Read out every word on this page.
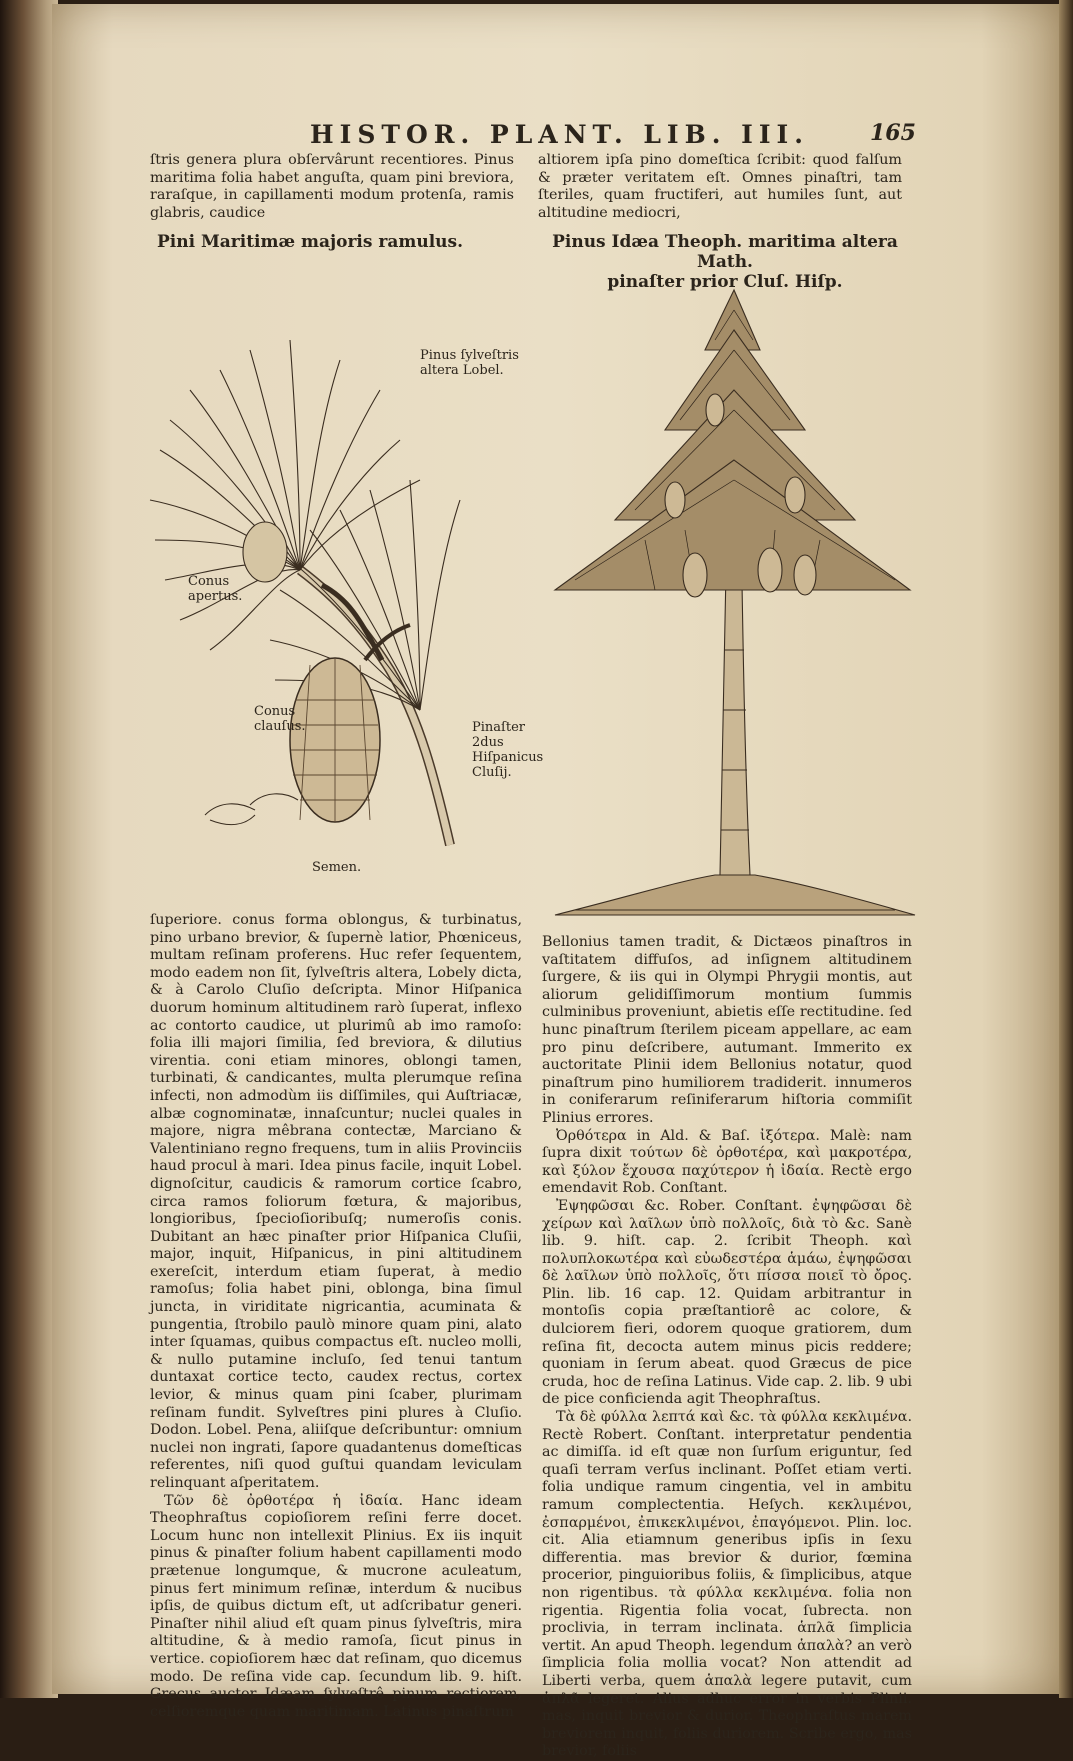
HISTOR. PLANT. LIB. III.	165

ſtris genera plura obſervârunt recentiores. Pinus maritima folia habet anguſta, quam pini breviora, raraſque, in capillamenti modum protenſa, ramis glabris, caudice

altiorem ipſa pino domeſtica ſcribit: quod falſum & præter veritatem eſt. Omnes pinaſtri, tam ſteriles, quam fructiferi, aut humiles ſunt, aut altitudine mediocri,

Pini Maritimæ majoris ramulus.	Pinus Idæa Theoph. maritima altera Math.
pinaſter prior Cluſ. Hiſp.
Pinus ſylveſtris altera Lobel.
Conus apertus.
Conus clauſus.	Pinaſter 2dus Hiſpanicus Cluſij.
Semen.

ſuperiore. conus forma oblongus, & turbinatus, pino urbano brevior, & ſupernè latior, Phœniceus, multam reſinam proferens. Huc refer ſequentem, modo eadem non ſit, ſylveſtris altera, Lobely dicta, & à Carolo Cluſio deſcripta. Minor Hiſpanica duorum hominum altitudinem rarò ſuperat, inflexo ac contorto caudice, ut plurimû ab imo ramoſo: folia illi majori ſimilia, ſed breviora, & dilutius virentia. coni etiam minores, oblongi tamen, turbinati, & candicantes, multa plerumque reſina infecti, non admodùm iis diſſimiles, qui Auſtriacæ, albæ cognominatæ, innaſcuntur; nuclei quales in majore, nigra mêbrana contectæ, Marciano & Valentiniano regno frequens, tum in aliis Provinciis haud procul à mari. Idea pinus facile, inquit Lobel. dignoſcitur, caudicis & ramorum cortice ſcabro, circa ramos foliorum fœtura, & majoribus, longioribus, ſpecioſioribuſq; numeroſis conis. Dubitant an hæc pinaſter prior Hiſpanica Cluſii, major, inquit, Hiſpanicus, in pini altitudinem exereſcit, interdum etiam ſuperat, à medio ramoſus; folia habet pini, oblonga, bina ſimul juncta, in viriditate nigricantia, acuminata & pungentia, ſtrobilo paulò minore quam pini, alato inter ſquamas, quibus compactus eſt. nucleo molli, & nullo putamine incluſo, ſed tenui tantum duntaxat cortice tecto, caudex rectus, cortex levior, & minus quam pini ſcaber, plurimam reſinam fundit. Sylveſtres pini plures à Cluſio. Dodon. Lobel. Pena, aliiſque deſcribuntur: omnium nuclei non ingrati, ſapore quadantenus domeſticas referentes, niſi quod guſtui quandam leviculam relinquant aſperitatem.

Τῶν δὲ ὀρθοτέρα ἡ ἰδαία. Hanc ideam Theophraſtus copioſiorem reſini ferre docet. Locum hunc non intellexit Plinius. Ex iis inquit pinus & pinaſter folium habent capillamenti modo prætenue longumque, & mucrone aculeatum, pinus fert minimum reſinæ, interdum & nucibus ipſis, de quibus dictum eſt, ut adſcribatur generi. Pinaſter nihil aliud eſt quam pinus ſylveſtris, mira altitudine, & à medio ramoſa, ſicut pinus in vertice. copioſiorem hæc dat reſinam, quo dicemus modo. De reſina vide cap. ſecundum lib. 9. hiſt. Grecus auctor Idæam ſylveſtrê pinum rectiorem, celſioremque quam maritimam. Latinus pinaſtrum

Bellonius tamen tradit, & Dictæos pinaſtros in vaſtitatem diffuſos, ad inſignem altitudinem ſurgere, & iis qui in Olympi Phrygii montis, aut aliorum gelidiſſimorum montium ſummis culminibus proveniunt, abietis eſſe rectitudine. ſed hunc pinaſtrum ſterilem piceam appellare, ac eam pro pinu deſcribere, autumant. Immerito ex auctoritate Plinii idem Bellonius notatur, quod pinaſtrum pino humiliorem tradiderit. innumeros in coniferarum reſiniferarum hiſtoria commiſit Plinius errores.

Ὀρθότερα in Ald. & Baſ. ἰξότερα. Malè: nam ſupra dixit τούτων δὲ ὀρθοτέρα, καὶ μακροτέρα, καὶ ξύλον ἔχουσα παχύτερον ἡ ἰδαία. Rectè ergo emendavit Rob. Conſtant.

Ἐψηφῶσαι &c. Rober. Conſtant. ἐψηφῶσαι δὲ χείρων καὶ λαῖλων ὑπὸ πολλοῖς, διὰ τὸ &c. Sanè lib. 9. hiſt. cap. 2. ſcribit Theoph. καὶ πολυπλοκωτέρα καὶ εὐωδεστέρα ἁμάω, ἐψηφῶσαι δὲ λαῖλων ὑπὸ πολλοῖς, ὅτι πίσσα ποιεῖ τὸ ὄρος. Plin. lib. 16 cap. 12. Quidam arbitrantur in montoſis copia præſtantiorê ac colore, & dulciorem fieri, odorem quoque gratiorem, dum reſina fit, decocta autem minus picis reddere; quoniam in ſerum abeat. quod Græcus de pice cruda, hoc de reſina Latinus. Vide cap. 2. lib. 9 ubi de pice conficienda agit Theophraſtus.

Τὰ δὲ φύλλα λεπτά καὶ &c. τὰ φύλλα κεκλιμένα. Rectè Robert. Conſtant. interpretatur pendentia ac dimiſſa. id eſt quæ non ſurſum eriguntur, ſed quaſi terram verſus inclinant. Poſſet etiam verti. folia undique ramum cingentia, vel in ambitu ramum complectentia. Heſych. κεκλιμένοι, ἐσπαρμένοι, ἐπικεκλιμένοι, ἐπαγόμενοι. Plin. loc. cit. Alia etiamnum generibus ipſis in ſexu differentia. mas brevior & durior, fœmina procerior, pinguioribus foliis, & ſimplicibus, atque non rigentibus. τὰ φύλλα κεκλιμένα. folia non rigentia. Rigentia folia vocat, ſubrecta. non proclivia, in terram inclinata. ἁπλᾶ ſimplicia vertit. An apud Theoph. legendum ἁπαλὰ? an verò ſimplicia folia mollia vocat? Non attendit ad Liberti verba, quem ἁπαλὰ legere putavit, cum ἁπλᾶ legeret. Alius adhuc error in verbis Plinii. mas, inquit brevior & durior. Theophraſtus marem breviorem inquit, foliis duriorem. Scribe ergo, mas brevior, foliis
